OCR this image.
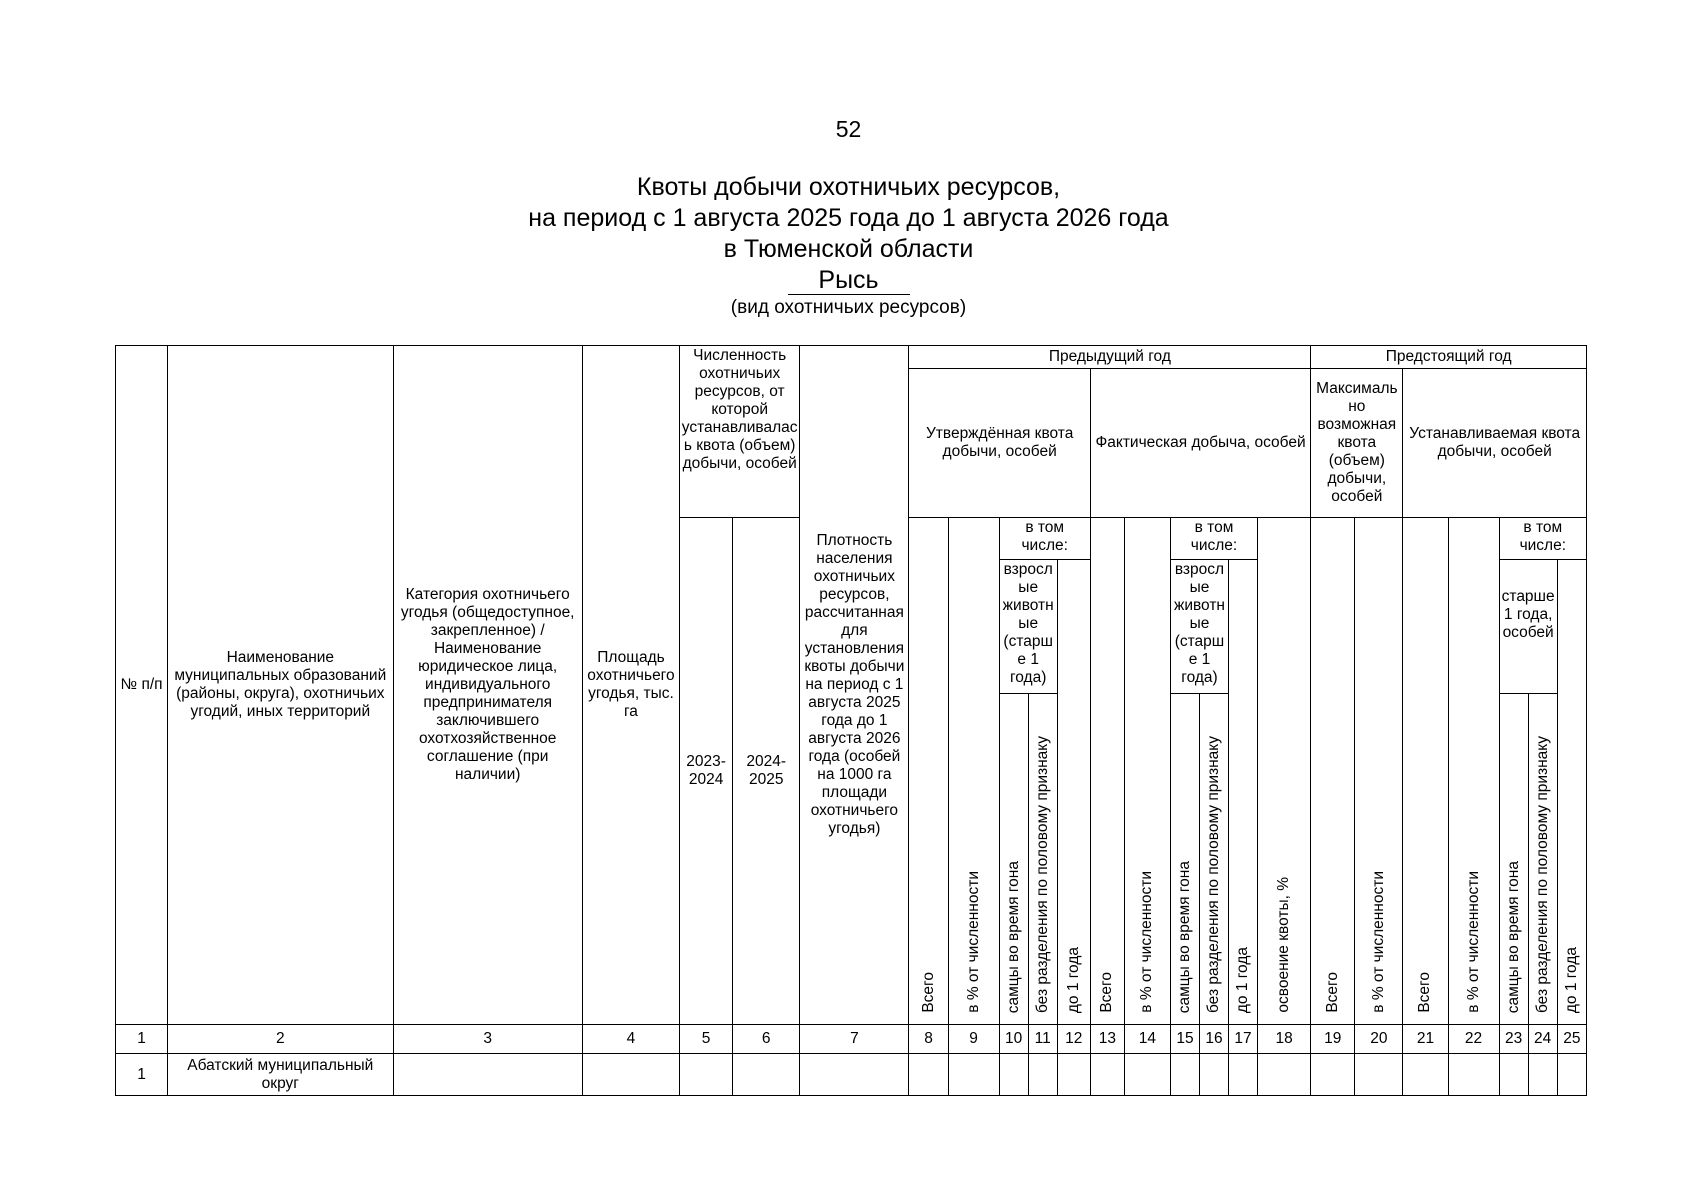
52
Квоты добычи охотничьих ресурсов,
на период с 1 августа 2025 года до 1 августа 2026 года
в Тюменской области
Рысь
(вид охотничьих ресурсов)
№ п/п	Наименование муниципальных образований (районы, округа), охотничьих угодий, иных территорий	Категория охотничьего угодья (общедоступное, закрепленное) / Наименование юридическое лица, индивидуального предпринимателя заключившего охотхозяйственное соглашение (при наличии)	Площадь охотничьего угодья, тыс. га	Численность охотничьих ресурсов, от которой устанавливалась квота (объем) добычи, особей		Плотность населения охотничьих ресурсов, рассчитанная для установления квоты добычи на период с 1 августа 2025 года до 1 августа 2026 года (особей на 1000 га площади охотничьего угодья)	Предыдущий год											Предстоящий год						
							Утверждённая квота добычи, особей					Фактическая добыча, особей						Максимально возможная квота (объем) добычи, особей		Устанавливаемая квота добычи, особей				
				2023-2024	2024-2025		Всего	в % от численности	в том числе:			Всего	в % от численности	в том числе:			освоение квоты, %	Всего	в % от численности	Всего	в % от численности	в том числе:		
									взрослые животные (старше 1 года)		до 1 года			взрослые животные (старше 1 года)		до 1 года						старше 1 года, особей		до 1 года
									самцы во время гона	без разделения по половому признаку				самцы во время гона	без разделения по половому признаку							самцы во время гона	без разделения по половому признаку	
1	2	3	4	5	6	7	8	9	10	11	12	13	14	15	16	17	18	19	20	21	22	23	24	25
1	Абатский муниципальный округ																							
